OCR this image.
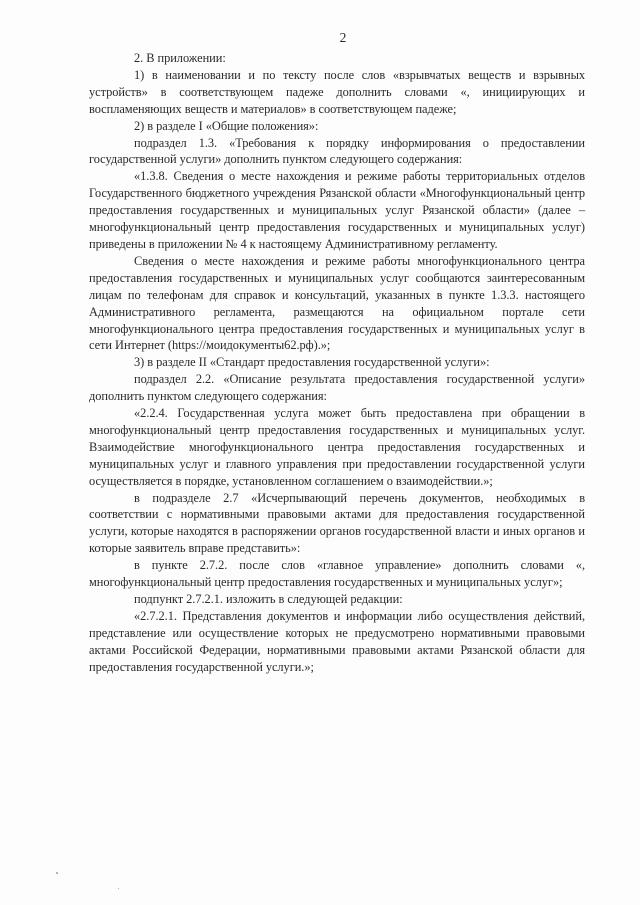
2

2. В приложении:

1) в наименовании и по тексту после слов «взрывчатых веществ и взрывных устройств» в соответствующем падеже дополнить словами «, инициирующих и воспламеняющих веществ и материалов» в соответствующем падеже;

2) в разделе I «Общие положения»:

подраздел 1.3. «Требования к порядку информирования о предоставлении государственной услуги» дополнить пунктом следующего содержания:

«1.3.8. Сведения о месте нахождения и режиме работы территориальных отделов Государственного бюджетного учреждения Рязанской области «Многофункциональный центр предоставления государственных и муниципальных услуг Рязанской области» (далее – многофункциональный центр предоставления государственных и муниципальных услуг) приведены в приложении № 4 к настоящему Административному регламенту.

Сведения о месте нахождения и режиме работы многофункционального центра предоставления государственных и муниципальных услуг сообщаются заинтересованным лицам по телефонам для справок и консультаций, указанных в пункте 1.3.3. настоящего Административного регламента, размещаются на официальном портале сети многофункционального центра предоставления государственных и муниципальных услуг в сети Интернет (https://моидокументы62.рф).»;

3) в разделе II «Стандарт предоставления государственной услуги»:

подраздел 2.2. «Описание результата предоставления государственной услуги» дополнить пунктом следующего содержания:

«2.2.4. Государственная услуга может быть предоставлена при обращении в многофункциональный центр предоставления государственных и муниципальных услуг. Взаимодействие многофункционального центра предоставления государственных и муниципальных услуг и главного управления при предоставлении государственной услуги осуществляется в порядке, установленном соглашением о взаимодействии.»;

в подразделе 2.7 «Исчерпывающий перечень документов, необходимых в соответствии с нормативными правовыми актами для предоставления государственной услуги, которые находятся в распоряжении органов государственной власти и иных органов и которые заявитель вправе представить»:

в пункте 2.7.2. после слов «главное управление» дополнить словами «, многофункциональный центр предоставления государственных и муниципальных услуг»;

подпункт 2.7.2.1. изложить в следующей редакции:

«2.7.2.1. Представления документов и информации либо осуществления действий, представление или осуществление которых не предусмотрено нормативными правовыми актами Российской Федерации, нормативными правовыми актами Рязанской области для предоставления государственной услуги.»;
